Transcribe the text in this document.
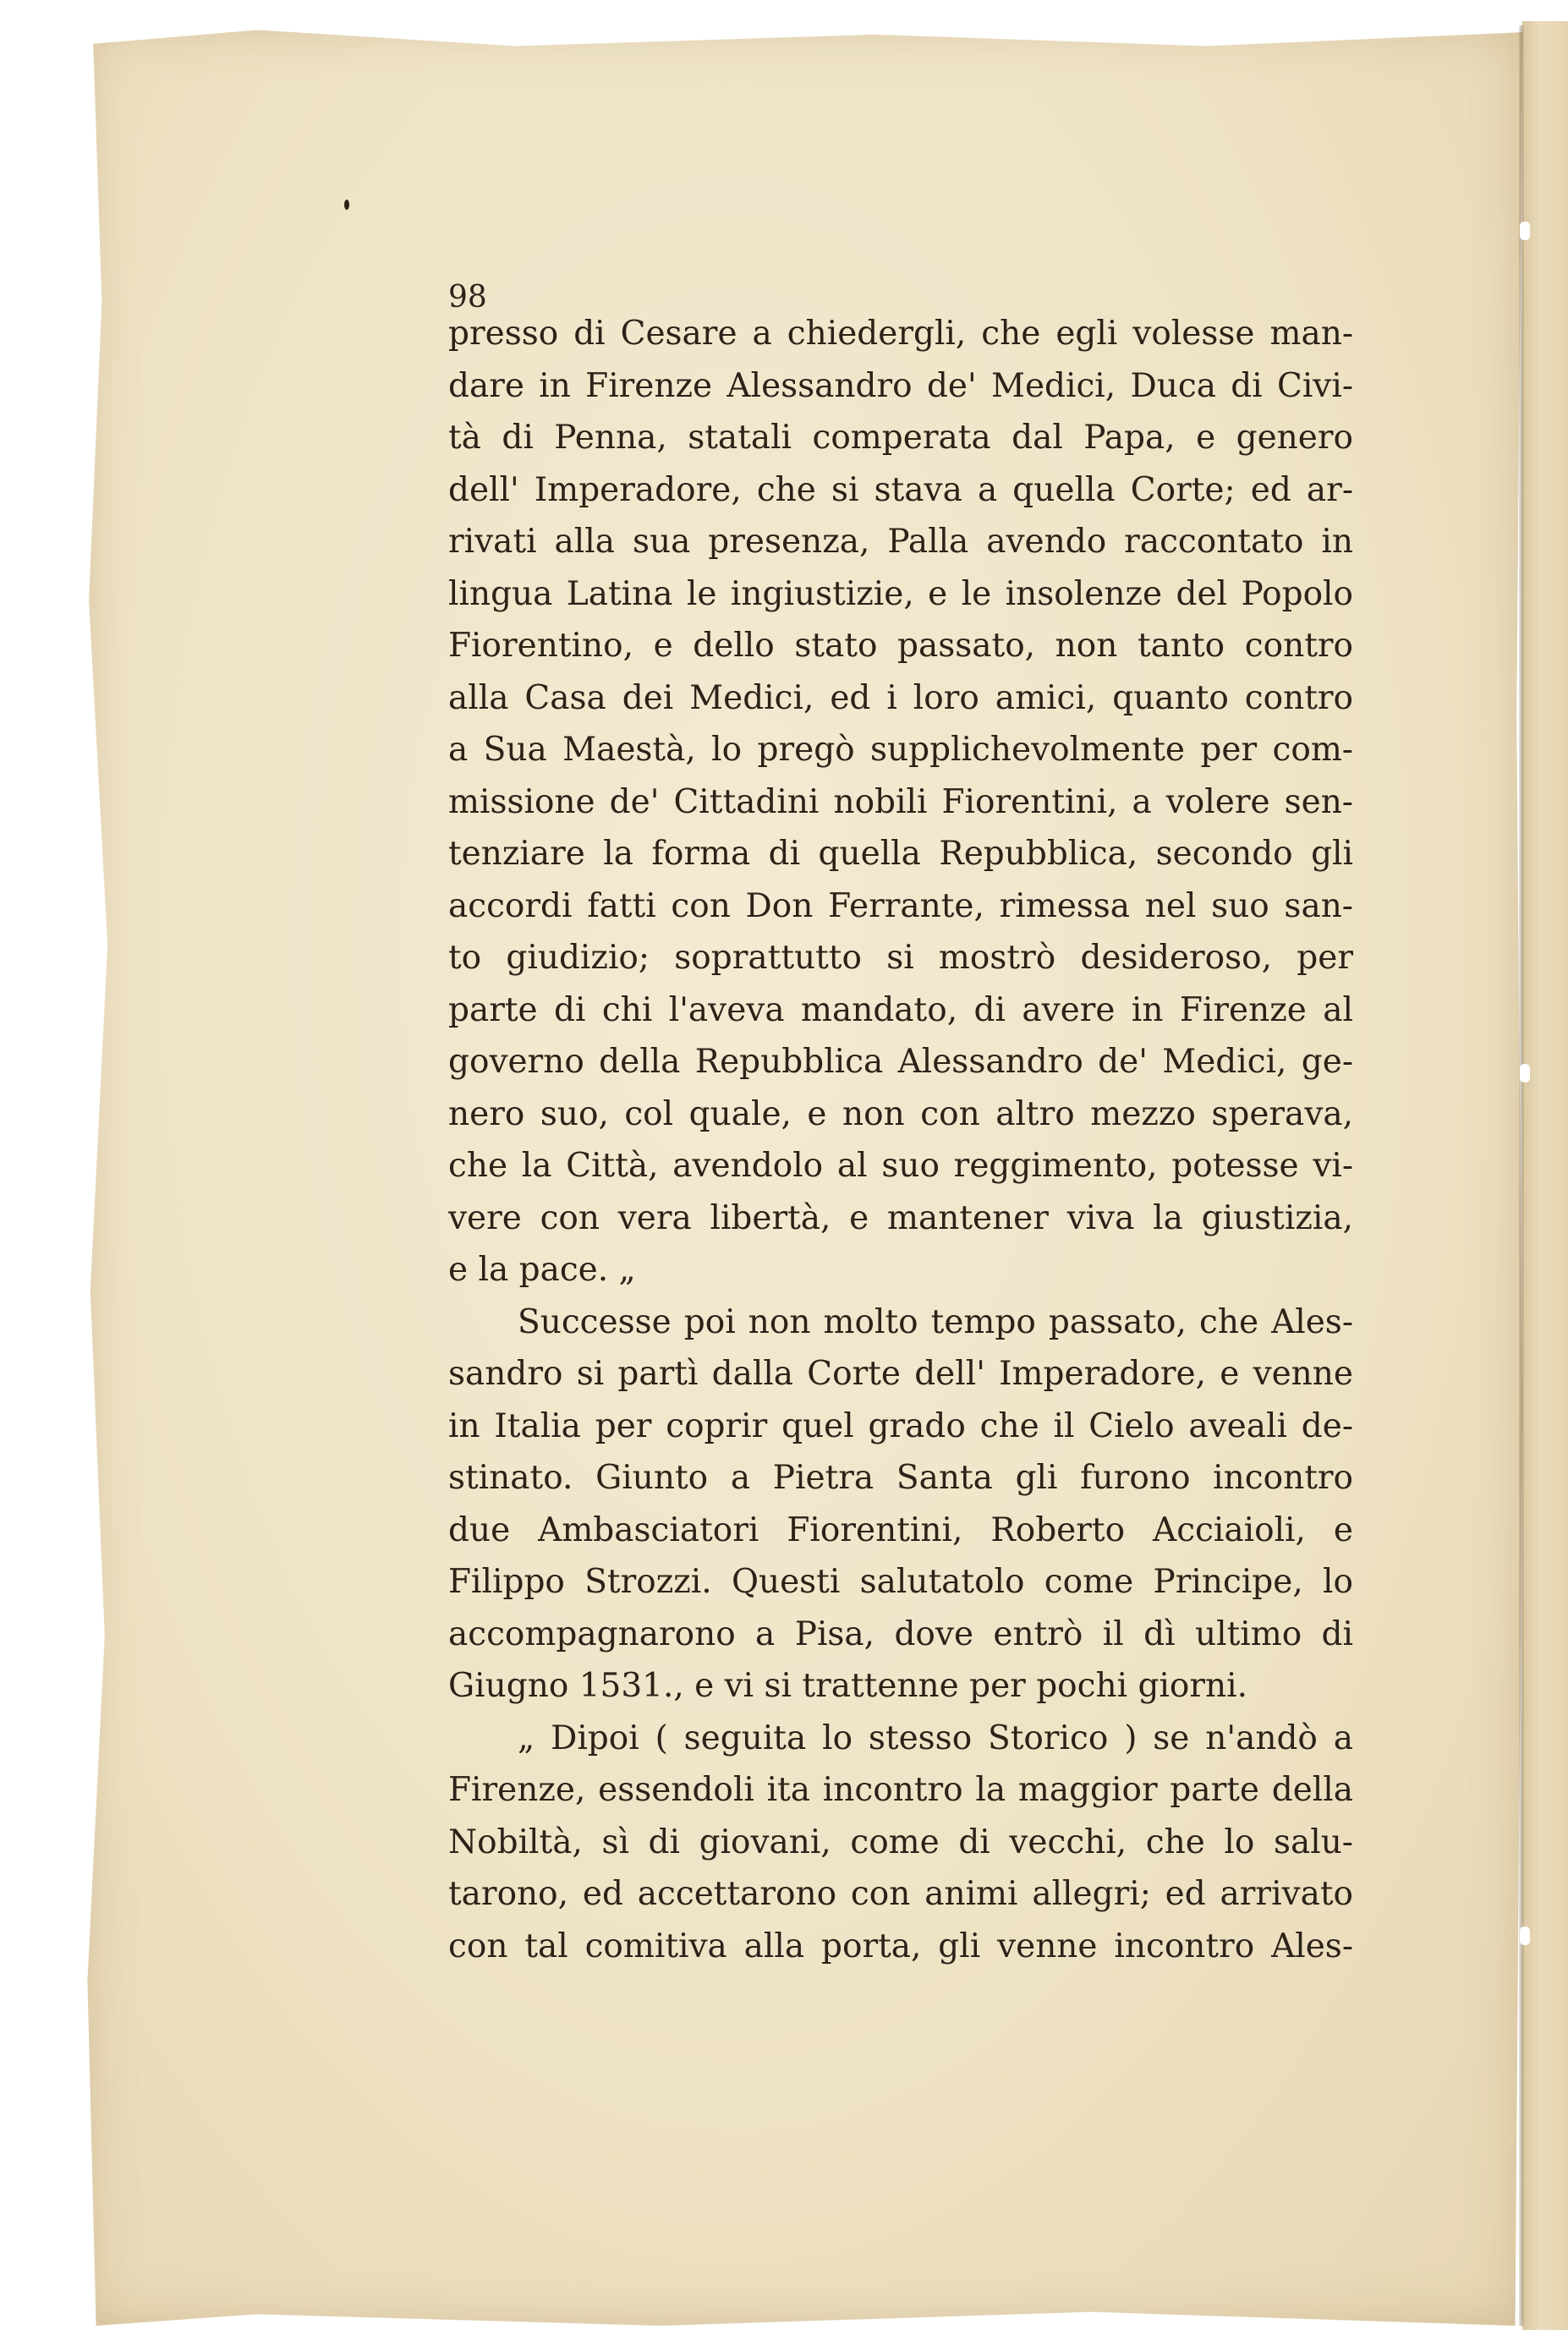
98
presso di Cesare a chiedergli, che egli volesse man-
dare in Firenze Alessandro de' Medici, Duca di Civi-
tà di Penna, statali comperata dal Papa, e genero
dell' Imperadore, che si stava a quella Corte; ed ar-
rivati alla sua presenza, Palla avendo raccontato in
lingua Latina le ingiustizie, e le insolenze del Popolo
Fiorentino, e dello stato passato, non tanto contro
alla Casa dei Medici, ed i loro amici, quanto contro
a Sua Maestà, lo pregò supplichevolmente per com-
missione de' Cittadini nobili Fiorentini, a volere sen-
tenziare la forma di quella Repubblica, secondo gli
accordi fatti con Don Ferrante, rimessa nel suo san-
to giudizio; soprattutto si mostrò desideroso, per
parte di chi l'aveva mandato, di avere in Firenze al
governo della Repubblica Alessandro de' Medici, ge-
nero suo, col quale, e non con altro mezzo sperava,
che la Città, avendolo al suo reggimento, potesse vi-
vere con vera libertà, e mantener viva la giustizia,
e la pace. „
Successe poi non molto tempo passato, che Ales-
sandro si partì dalla Corte dell' Imperadore, e venne
in Italia per coprir quel grado che il Cielo aveali de-
stinato. Giunto a Pietra Santa gli furono incontro
due Ambasciatori Fiorentini, Roberto Acciaioli, e
Filippo Strozzi. Questi salutatolo come Principe, lo
accompagnarono a Pisa, dove entrò il dì ultimo di
Giugno 1531., e vi si trattenne per pochi giorni.
„ Dipoi ( seguita lo stesso Storico ) se n'andò a
Firenze, essendoli ita incontro la maggior parte della
Nobiltà, sì di giovani, come di vecchi, che lo salu-
tarono, ed accettarono con animi allegri; ed arrivato
con tal comitiva alla porta, gli venne incontro Ales-
